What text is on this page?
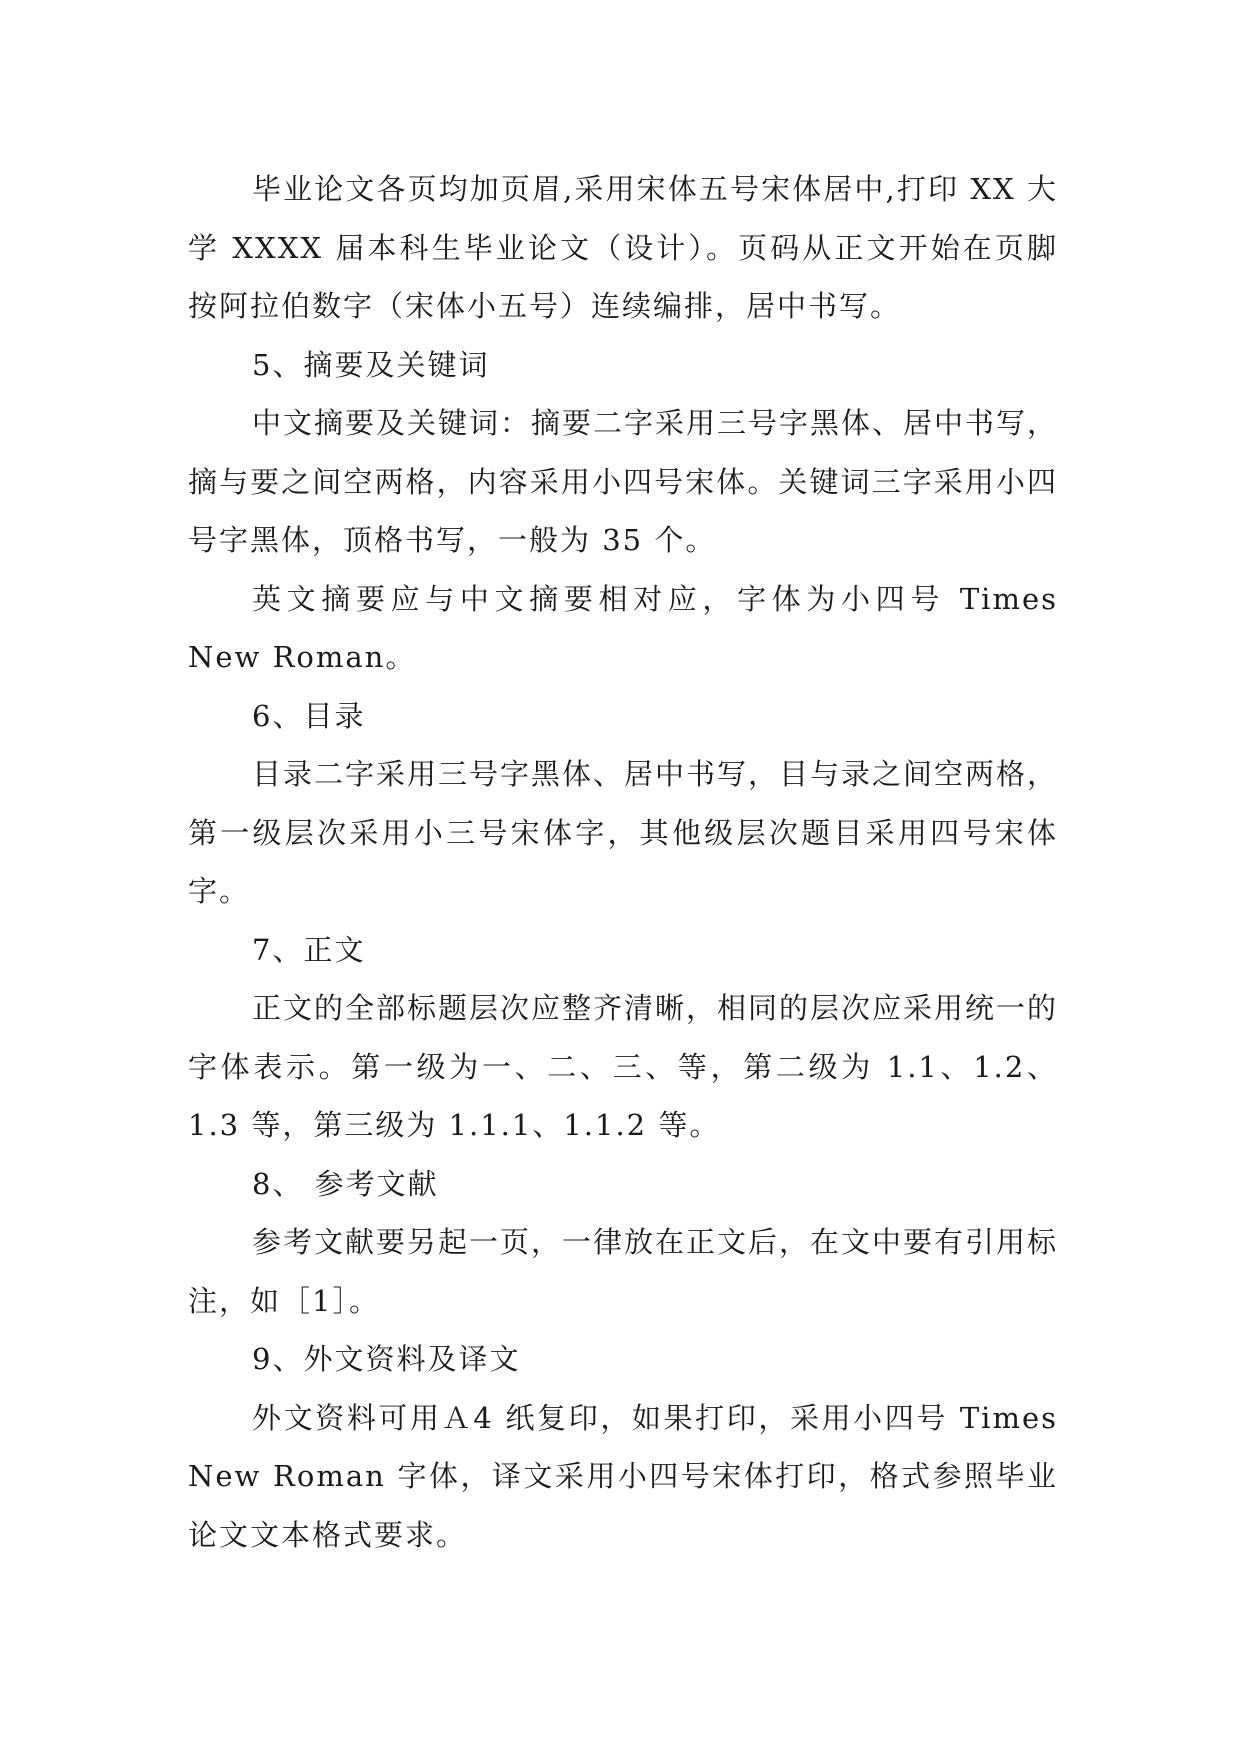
毕业论文各页均加页眉,采用宋体五号宋体居中,打印 XX 大学 XXXX 届本科生毕业论文（设计）。页码从正文开始在页脚按阿拉伯数字（宋体小五号）连续编排，居中书写。

5、摘要及关键词

中文摘要及关键词：摘要二字采用三号字黑体、居中书写，摘与要之间空两格，内容采用小四号宋体。关键词三字采用小四号字黑体，顶格书写，一般为 35 个。

英文摘要应与中文摘要相对应，字体为小四号 Times New Roman。

6、目录

目录二字采用三号字黑体、居中书写，目与录之间空两格，第一级层次采用小三号宋体字，其他级层次题目采用四号宋体字。

7、正文

正文的全部标题层次应整齐清晰，相同的层次应采用统一的字体表示。第一级为一、二、三、等，第二级为 1.1、1.2、1.3 等，第三级为 1.1.1、1.1.2 等。

8、 参考文献

参考文献要另起一页，一律放在正文后，在文中要有引用标注，如［1］。

9、外文资料及译文

外文资料可用Ａ4 纸复印，如果打印，采用小四号 Times New Roman 字体，译文采用小四号宋体打印，格式参照毕业论文文本格式要求。
